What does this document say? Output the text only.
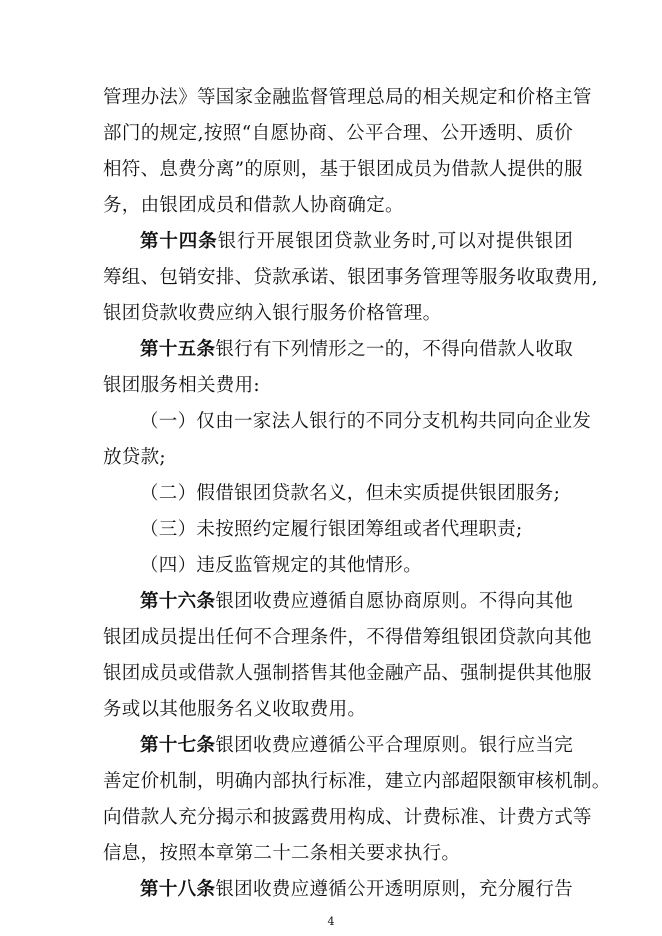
管理办法》等国家金融监督管理总局的相关规定和价格主管
部门的规定,按照“自愿协商、公平合理、公开透明、质价
相符、息费分离”的原则，基于银团成员为借款人提供的服
务，由银团成员和借款人协商确定。
第十四条银行开展银团贷款业务时,可以对提供银团
筹组、包销安排、贷款承诺、银团事务管理等服务收取费用,
银团贷款收费应纳入银行服务价格管理。
第十五条银行有下列情形之一的，不得向借款人收取
银团服务相关费用:
（一）仅由一家法人银行的不同分支机构共同向企业发
放贷款;
（二）假借银团贷款名义，但未实质提供银团服务;
（三）未按照约定履行银团筹组或者代理职责;
（四）违反监管规定的其他情形。
第十六条银团收费应遵循自愿协商原则。不得向其他
银团成员提出任何不合理条件，不得借筹组银团贷款向其他
银团成员或借款人强制搭售其他金融产品、强制提供其他服
务或以其他服务名义收取费用。
第十七条银团收费应遵循公平合理原则。银行应当完
善定价机制，明确内部执行标准，建立内部超限额审核机制。
向借款人充分揭示和披露费用构成、计费标准、计费方式等
信息，按照本章第二十二条相关要求执行。
第十八条银团收费应遵循公开透明原则，充分履行告
4
